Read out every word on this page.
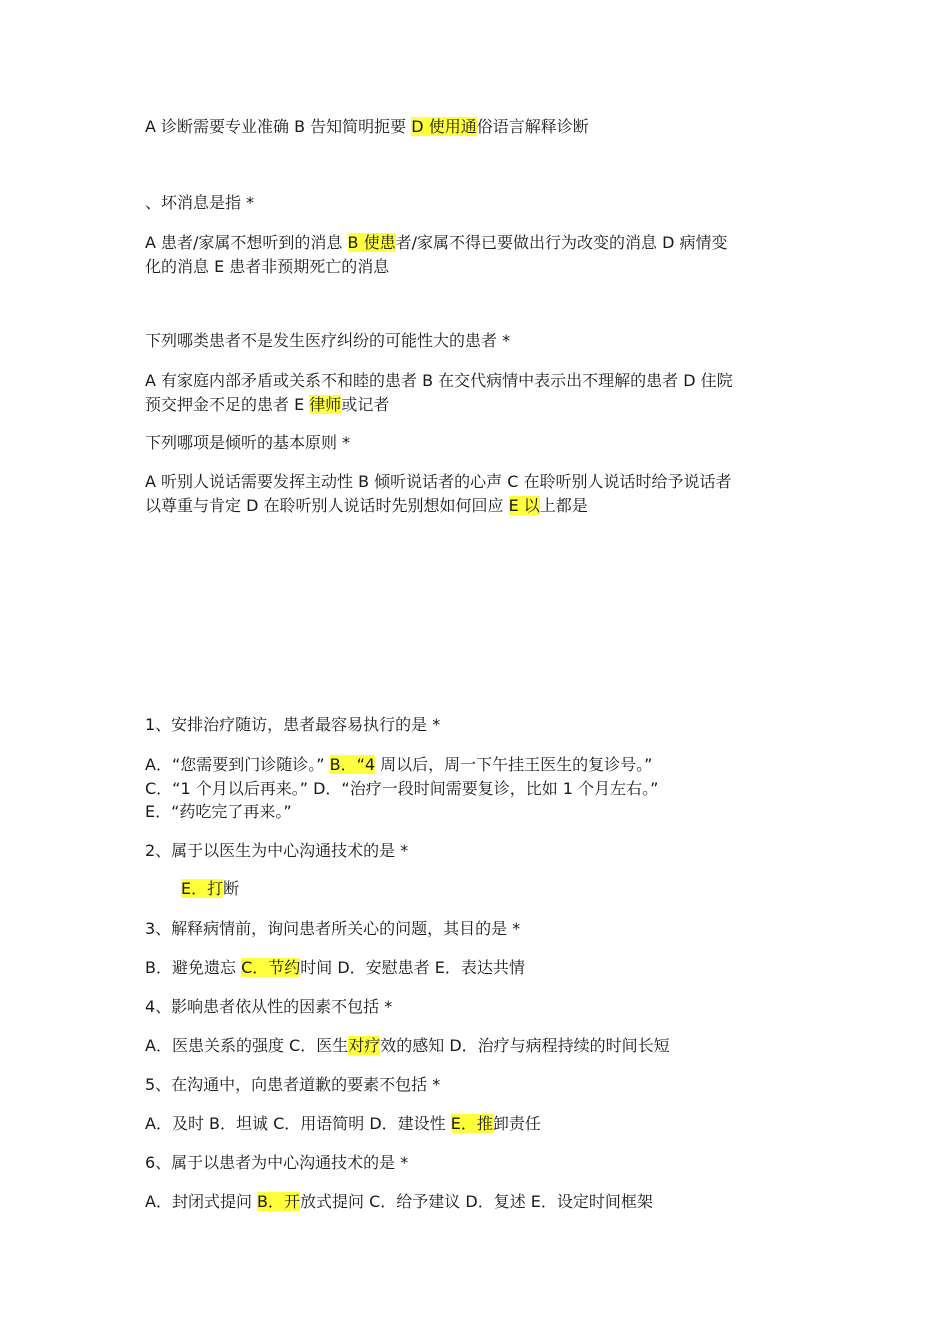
A 诊断需要专业准确 B 告知简明扼要 D 使用通俗语言解释诊断
、坏消息是指 *
A 患者/家属不想听到的消息 B 使患者/家属不得已要做出行为改变的消息 D 病情变
化的消息 E 患者非预期死亡的消息
下列哪类患者不是发生医疗纠纷的可能性大的患者 *
A 有家庭内部矛盾或关系不和睦的患者 B 在交代病情中表示出不理解的患者 D 住院
预交押金不足的患者 E 律师或记者
下列哪项是倾听的基本原则 *
A 听别人说话需要发挥主动性 B 倾听说话者的心声 C 在聆听别人说话时给予说话者
以尊重与肯定 D 在聆听别人说话时先别想如何回应 E 以上都是
1、安排治疗随访，患者最容易执行的是 *
A．“您需要到门诊随诊。” B．“4 周以后，周一下午挂王医生的复诊号。”
C．“1 个月以后再来。” D．“治疗一段时间需要复诊，比如 1 个月左右。”
E．“药吃完了再来。”
2、属于以医生为中心沟通技术的是 *
E．打断
3、解释病情前，询问患者所关心的问题，其目的是 *
B．避免遗忘 C．节约时间 D．安慰患者 E．表达共情
4、影响患者依从性的因素不包括 *
A．医患关系的强度 C．医生对疗效的感知 D．治疗与病程持续的时间长短
5、在沟通中，向患者道歉的要素不包括 *
A．及时 B．坦诚 C．用语简明 D．建设性 E．推卸责任
6、属于以患者为中心沟通技术的是 *
A．封闭式提问 B．开放式提问 C．给予建议 D．复述 E．设定时间框架
